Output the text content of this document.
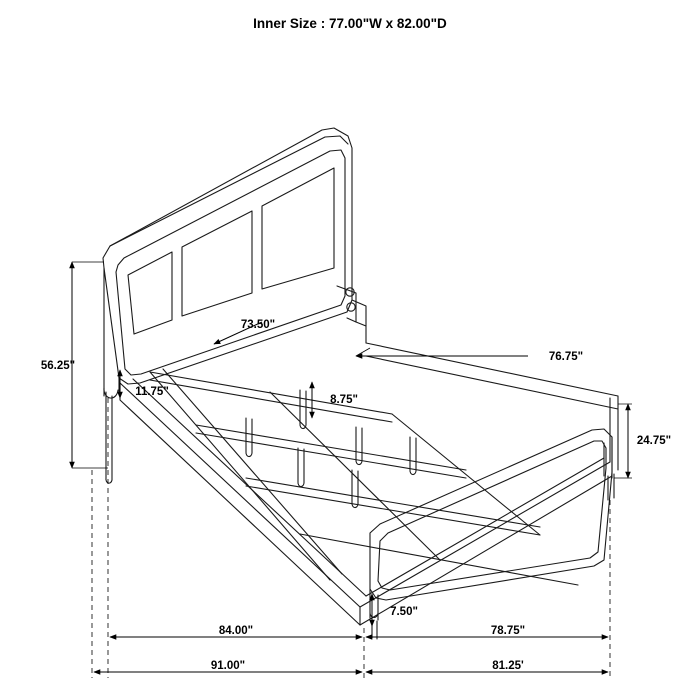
Inner Size : 77.00"W x 82.00"D
56.25"
73.50"
11.75"
8.75"
76.75"
24.75"
7.50"
84.00"	78.75"
91.00"	81.25'
